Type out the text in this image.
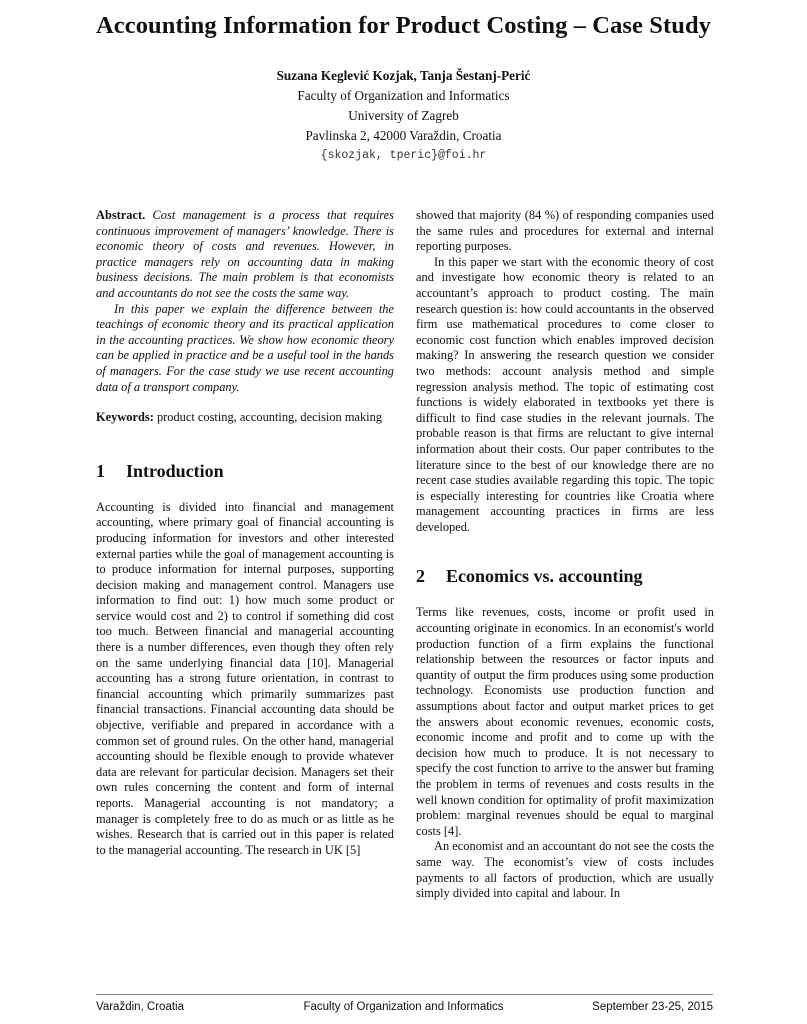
Accounting Information for Product Costing – Case Study
Suzana Keglević Kozjak, Tanja Šestanj-Perić
Faculty of Organization and Informatics
University of Zagreb
Pavlinska 2, 42000 Varaždin, Croatia
{skozjak, tperic}@foi.hr

Abstract. Cost management is a process that requires continuous improvement of managers’ knowledge. There is economic theory of costs and revenues. However, in practice managers rely on accounting data in making business decisions. The main problem is that economists and accountants do not see the costs the same way.

In this paper we explain the difference between the teachings of economic theory and its practical application in the accounting practices. We show how economic theory can be applied in practice and be a useful tool in the hands of managers. For the case study we use recent accounting data of a transport company.

Keywords: product costing, accounting, decision making

1 Introduction

Accounting is divided into financial and management accounting, where primary goal of financial accounting is producing information for investors and other interested external parties while the goal of management accounting is to produce information for internal purposes, supporting decision making and management control. Managers use information to find out: 1) how much some product or service would cost and 2) to control if something did cost too much. Between financial and managerial accounting there is a number differences, even though they often rely on the same underlying financial data [10]. Managerial accounting has a strong future orientation, in contrast to financial accounting which primarily summarizes past financial transactions. Financial accounting data should be objective, verifiable and prepared in accordance with a common set of ground rules. On the other hand, managerial accounting should be flexible enough to provide whatever data are relevant for particular decision. Managers set their own rules concerning the content and form of internal reports. Managerial accounting is not mandatory; a manager is completely free to do as much or as little as he wishes. Research that is carried out in this paper is related to the managerial accounting. The research in UK [5]

showed that majority (84 %) of responding companies used the same rules and procedures for external and internal reporting purposes.

In this paper we start with the economic theory of cost and investigate how economic theory is related to an accountant’s approach to product costing. The main research question is: how could accountants in the observed firm use mathematical procedures to come closer to economic cost function which enables improved decision making? In answering the research question we consider two methods: account analysis method and simple regression analysis method. The topic of estimating cost functions is widely elaborated in textbooks yet there is difficult to find case studies in the relevant journals. The probable reason is that firms are reluctant to give internal information about their costs. Our paper contributes to the literature since to the best of our knowledge there are no recent case studies available regarding this topic. The topic is especially interesting for countries like Croatia where management accounting practices in firms are less developed.

2 Economics vs. accounting

Terms like revenues, costs, income or profit used in accounting originate in economics. In an economist's world production function of a firm explains the functional relationship between the resources or factor inputs and quantity of output the firm produces using some production technology. Economists use production function and assumptions about factor and output market prices to get the answers about economic revenues, economic costs, economic income and profit and to come up with the decision how much to produce. It is not necessary to specify the cost function to arrive to the answer but framing the problem in terms of revenues and costs results in the well known condition for optimality of profit maximization problem: marginal revenues should be equal to marginal costs [4].

An economist and an accountant do not see the costs the same way. The economist’s view of costs includes payments to all factors of production, which are usually simply divided into capital and labour. In

Varaždin, Croatia	Faculty of Organization and Informatics	September 23-25, 2015
